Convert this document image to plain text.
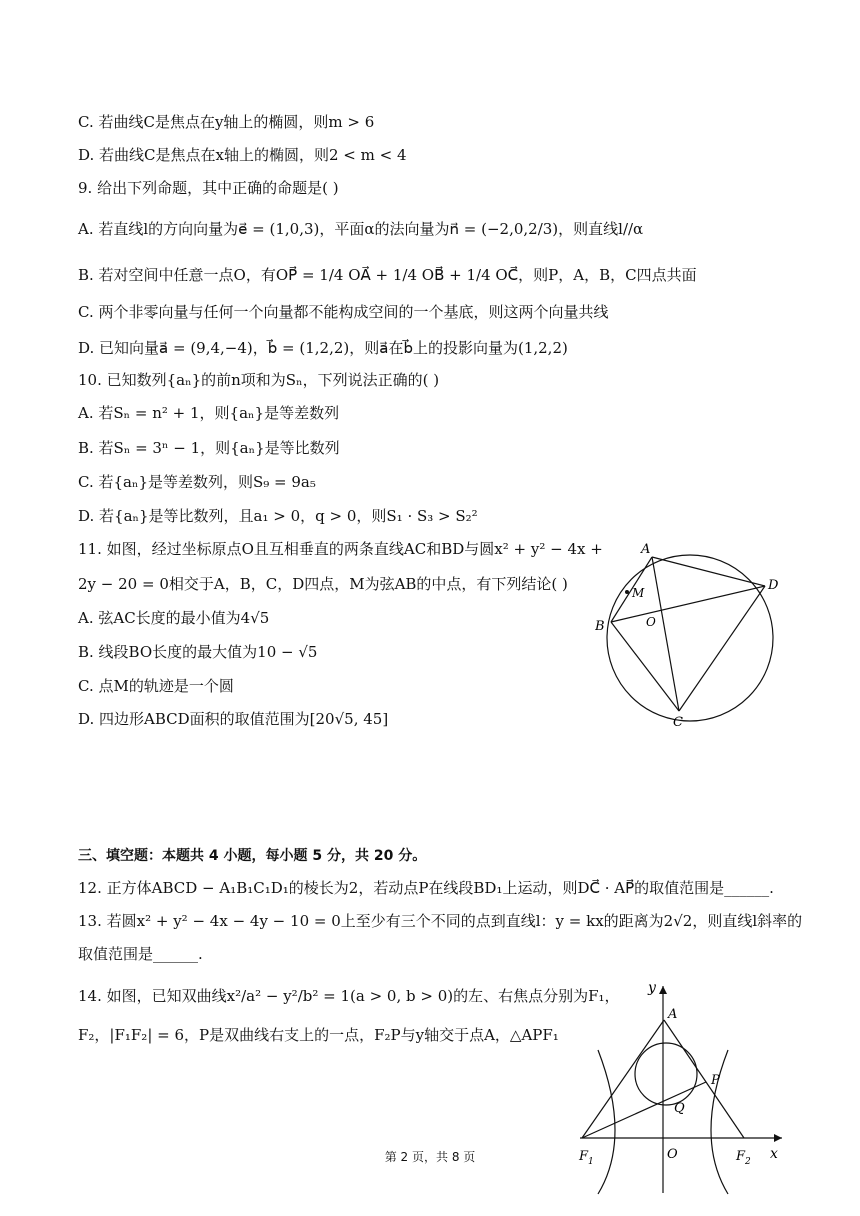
C. 若曲线C是焦点在y轴上的椭圆，则m > 6
D. 若曲线C是焦点在x轴上的椭圆，则2 < m < 4
9. 给出下列命题，其中正确的命题是( )
A. 若直线l的方向向量为e⃗ = (1,0,3)，平面α的法向量为n⃗ = (−2,0,2/3)，则直线l//α
B. 若对空间中任意一点O，有OP⃗ = 1/4 OA⃗ + 1/4 OB⃗ + 1/4 OC⃗，则P，A，B，C四点共面
C. 两个非零向量与任何一个向量都不能构成空间的一个基底，则这两个向量共线
D. 已知向量a⃗ = (9,4,−4)，b⃗ = (1,2,2)，则a⃗在b⃗上的投影向量为(1,2,2)
10. 已知数列{aₙ}的前n项和为Sₙ，下列说法正确的( )
A. 若Sₙ = n² + 1，则{aₙ}是等差数列
B. 若Sₙ = 3ⁿ − 1，则{aₙ}是等比数列
C. 若{aₙ}是等差数列，则S₉ = 9a₅
D. 若{aₙ}是等比数列，且a₁ > 0，q > 0，则S₁ · S₃ > S₂²
11. 如图，经过坐标原点O且互相垂直的两条直线AC和BD与圆x² + y² − 4x +
2y − 20 = 0相交于A，B，C，D四点，M为弦AB的中点，有下列结论( )
A. 弦AC长度的最小值为4√5
B. 线段BO长度的最大值为10 − √5
C. 点M的轨迹是一个圆
D. 四边形ABCD面积的取值范围为[20√5, 45]
三、填空题：本题共 4 小题，每小题 5 分，共 20 分。
12. 正方体ABCD − A₁B₁C₁D₁的棱长为2，若动点P在线段BD₁上运动，则DC⃗ · AP⃗的取值范围是______.
13. 若圆x² + y² − 4x − 4y − 10 = 0上至少有三个不同的点到直线l：y = kx的距离为2√2，则直线l斜率的
取值范围是______.
14. 如图，已知双曲线x²/a² − y²/b² = 1(a > 0, b > 0)的左、右焦点分别为F₁，
F₂，|F₁F₂| = 6，P是双曲线右支上的一点，F₂P与y轴交于点A，△APF₁
A
D
B
C
M
O
y
x
A
P
Q
O
$F_1$	$F_2$
第 2 页，共 8 页
